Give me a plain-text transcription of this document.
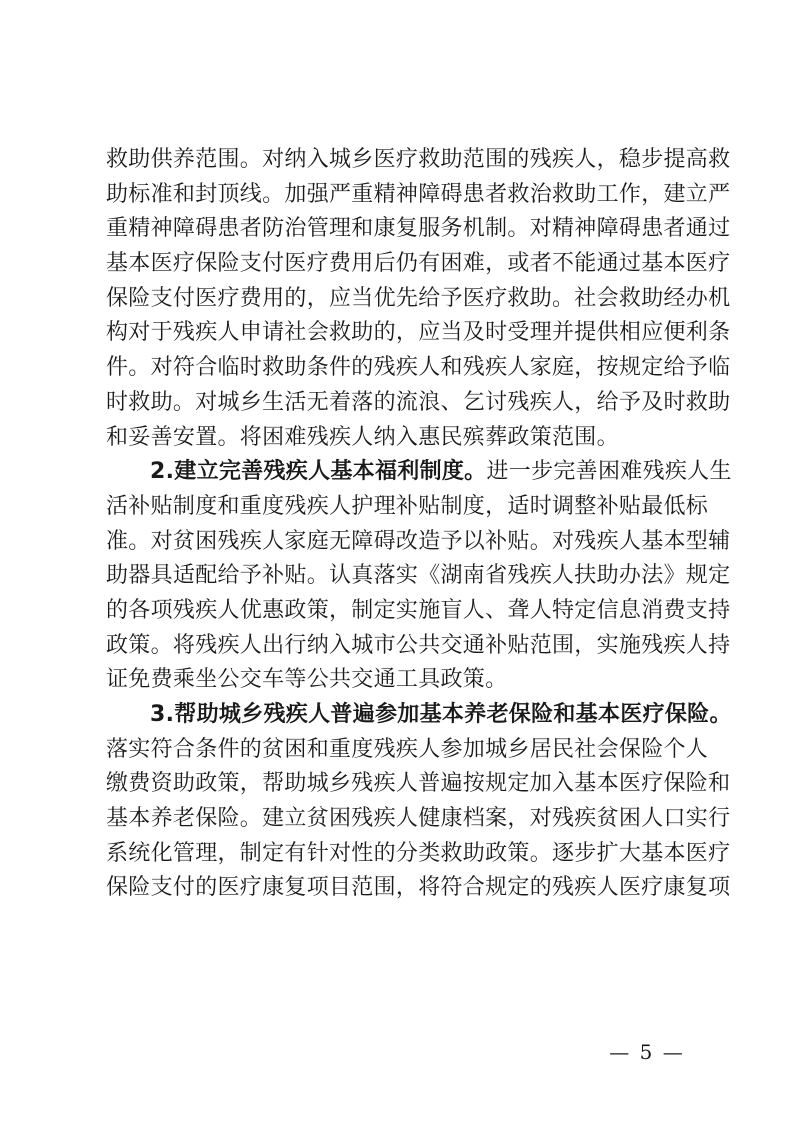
救助供养范围。对纳入城乡医疗救助范围的残疾人，稳步提高救
助标准和封顶线。加强严重精神障碍患者救治救助工作，建立严
重精神障碍患者防治管理和康复服务机制。对精神障碍患者通过
基本医疗保险支付医疗费用后仍有困难，或者不能通过基本医疗
保险支付医疗费用的，应当优先给予医疗救助。社会救助经办机
构对于残疾人申请社会救助的，应当及时受理并提供相应便利条
件。对符合临时救助条件的残疾人和残疾人家庭，按规定给予临
时救助。对城乡生活无着落的流浪、乞讨残疾人，给予及时救助
和妥善安置。将困难残疾人纳入惠民殡葬政策范围。
2.建立完善残疾人基本福利制度。进一步完善困难残疾人生
活补贴制度和重度残疾人护理补贴制度，适时调整补贴最低标
准。对贫困残疾人家庭无障碍改造予以补贴。对残疾人基本型辅
助器具适配给予补贴。认真落实《湖南省残疾人扶助办法》规定
的各项残疾人优惠政策，制定实施盲人、聋人特定信息消费支持
政策。将残疾人出行纳入城市公共交通补贴范围，实施残疾人持
证免费乘坐公交车等公共交通工具政策。
3.帮助城乡残疾人普遍参加基本养老保险和基本医疗保险。
落实符合条件的贫困和重度残疾人参加城乡居民社会保险个人
缴费资助政策，帮助城乡残疾人普遍按规定加入基本医疗保险和
基本养老保险。建立贫困残疾人健康档案，对残疾贫困人口实行
系统化管理，制定有针对性的分类救助政策。逐步扩大基本医疗
保险支付的医疗康复项目范围，将符合规定的残疾人医疗康复项
— 5 —
